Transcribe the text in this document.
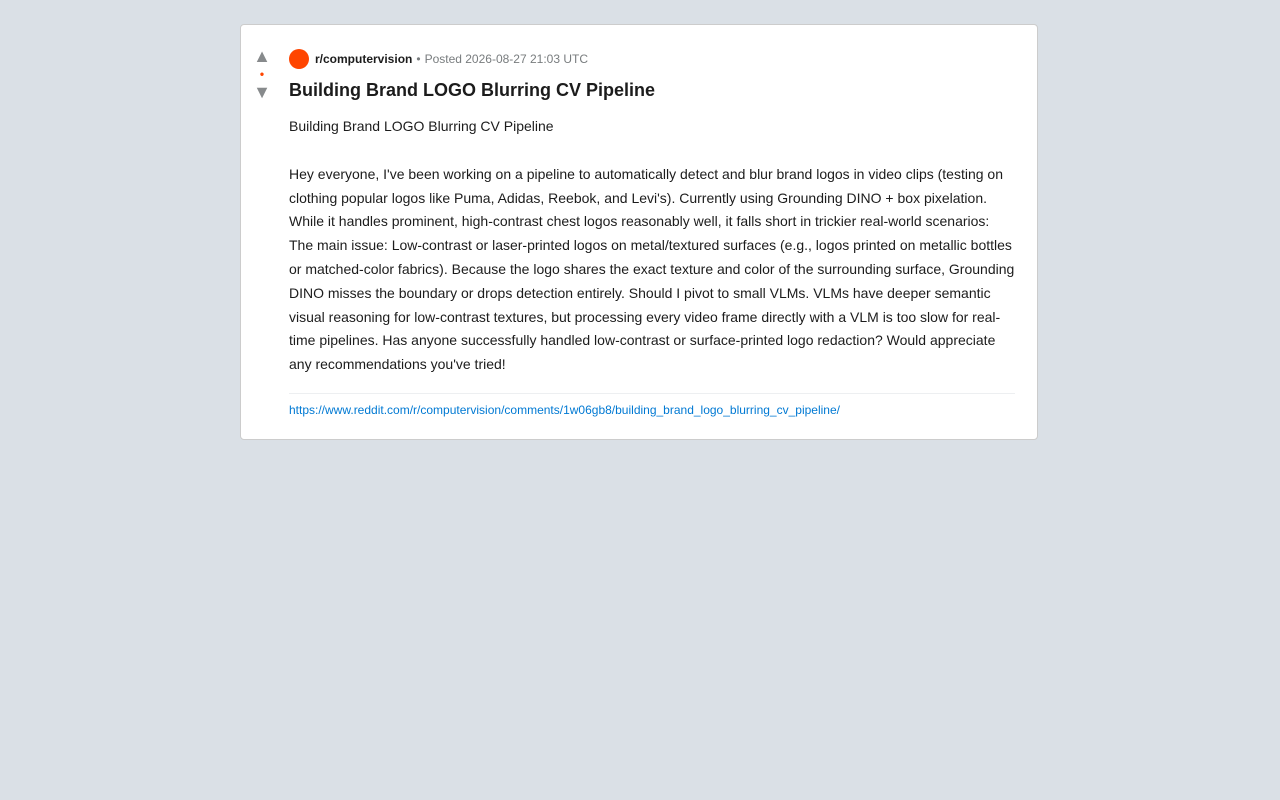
▲
•
▼
r/computervision • Posted 2026-08-27 21:03 UTC
Building Brand LOGO Blurring CV Pipeline

Building Brand LOGO Blurring CV Pipeline

Hey everyone, I've been working on a pipeline to automatically detect and blur brand logos in video clips (testing on clothing popular logos like Puma, Adidas, Reebok, and Levi's). Currently using Grounding DINO + box pixelation. While it handles prominent, high-contrast chest logos reasonably well, it falls short in trickier real-world scenarios: The main issue: Low-contrast or laser-printed logos on metal/textured surfaces (e.g., logos printed on metallic bottles or matched-color fabrics). Because the logo shares the exact texture and color of the surrounding surface, Grounding DINO misses the boundary or drops detection entirely. Should I pivot to small VLMs. VLMs have deeper semantic visual reasoning for low-contrast textures, but processing every video frame directly with a VLM is too slow for real-time pipelines. Has anyone successfully handled low-contrast or surface-printed logo redaction? Would appreciate any recommendations you've tried!

https://www.reddit.com/r/computervision/comments/1w06gb8/building_brand_logo_blurring_cv_pipeline/
